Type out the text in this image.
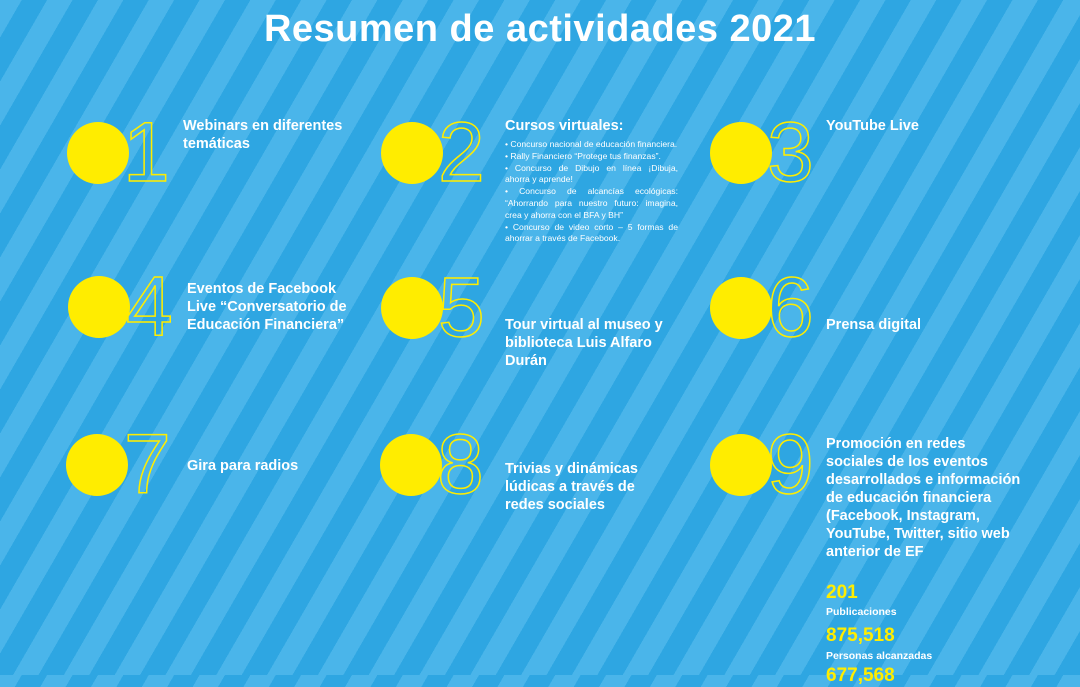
Resumen de actividades 2021
1 Webinars en diferentes temáticas	2 Cursos virtuales:
• Concurso nacional de educación financiera.
• Rally Financiero “Protege tus finanzas”.
• Concurso de Dibujo en línea ¡Dibuja, ahorra y aprende!
• Concurso de alcancías ecológicas: “Ahorrando para nuestro futuro: imagina, crea y ahorra con el BFA y BH”
• Concurso de video corto – 5 formas de ahorrar a través de Facebook.
3 YouTube Live
4 Eventos de Facebook Live “Conversatorio de Educación Financiera” 5 Tour virtual al museo y biblioteca Luis Alfaro Durán
6 Prensa digital
7 Gira para radios	8 Trivias y dinámicas lúdicas a través de redes sociales	9 Promoción en redes sociales de los eventos desarrollados e información de educación financiera (Facebook, Instagram, YouTube, Twitter, sitio web anterior de EF
201
Publicaciones
875,518
Personas alcanzadas
677,568
